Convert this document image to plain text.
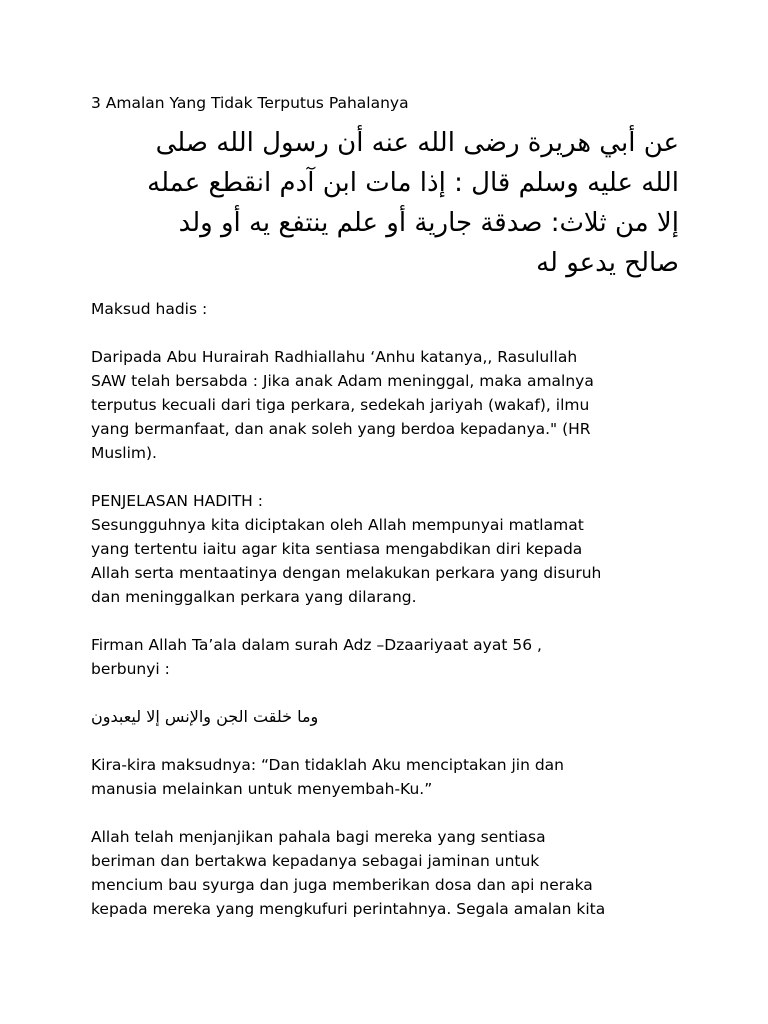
3 Amalan Yang Tidak Terputus Pahalanya
عن أبي هريرة رضى الله عنه أن رسول الله صلى
الله عليه وسلم قال : إذا مات ابن آدم انقطع عمله
إلا من ثلاث: صدقة جارية أو علم ينتفع يه أو ولد
صالح يدعو له
Maksud hadis :
Daripada Abu Hurairah Radhiallahu ‘Anhu katanya,, Rasulullah
SAW telah bersabda : Jika anak Adam meninggal, maka amalnya
terputus kecuali dari tiga perkara, sedekah jariyah (wakaf), ilmu
yang bermanfaat, dan anak soleh yang berdoa kepadanya." (HR
Muslim).
PENJELASAN HADITH :
Sesungguhnya kita diciptakan oleh Allah mempunyai matlamat
yang tertentu iaitu agar kita sentiasa mengabdikan diri kepada
Allah serta mentaatinya dengan melakukan perkara yang disuruh
dan meninggalkan perkara yang dilarang.
Firman Allah Ta’ala dalam surah Adz –Dzaariyaat ayat 56 ,
berbunyi :
وما خلقت الجن والإنس إلا ليعبدون
Kira-kira maksudnya: “Dan tidaklah Aku menciptakan jin dan
manusia melainkan untuk menyembah-Ku.”
Allah telah menjanjikan pahala bagi mereka yang sentiasa
beriman dan bertakwa kepadanya sebagai jaminan untuk
mencium bau syurga dan juga memberikan dosa dan api neraka
kepada mereka yang mengkufuri perintahnya. Segala amalan kita
